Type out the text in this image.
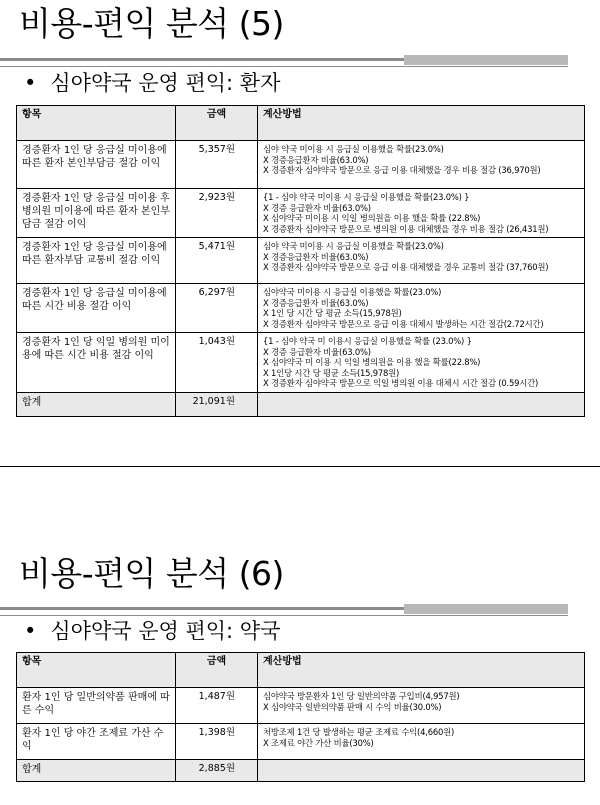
비용-편익 분석 (5)
• 심야약국 운영 편익: 환자
항목	금액	계산방법
경증환자 1인 당 응급실 미이용에 따른 환자 본인부담금 절감 이익	5,357원	심야 약국 미이용 시 응급실 이용했을 확률(23.0%)
X 경증응급환자 비율(63.0%)
X 경증환자 심야약국 방문으로 응급 이용 대체했을 경우 비용 절감 (36,970원)

경증환자 1인 당 응급실 미이용 후 병의원 미이용에 따른 환자 본인부담금 절감 이익	2,923원	{1 - 심야 약국 미이용 시 응급실 이용했을 확률(23.0%) }
X 경증 응급환자 비율(63.0%)
X 심야약국 미이용 시 익일 병의원을 이용 했을 확률 (22.8%)
X 경증환자 심야약국 방문으로 병의원 이용 대체했을 경우 비용 절감 (26,431원)

경증환자 1인 당 응급실 미이용에 따른 환자부담 교통비 절감 이익	5,471원	심야 약국 미이용 시 응급실 이용했을 확률(23.0%)
X 경증응급환자 비율(63.0%)
X 경증환자 심야약국 방문으로 응급 이용 대체했을 경우 교통비 절감 (37,760원)

경증환자 1인 당 응급실 미이용에 따른 시간 비용 절감 이익	6,297원	심야약국 미이용 시 응급실 이용했을 확률(23.0%)
X 경증응급환자 비율(63.0%)
X 1인 당 시간 당 평균 소득(15,978원)
X 경증환자 심야약국 방문으로 응급 이용 대체시 발생하는 시간 절감(2.72시간)

경증환자 1인 당 익일 병의원 미이용에 따른 시간 비용 절감 이익	1,043원	{1 - 심야 약국 미 이용시 응급실 이용했을 확률 (23.0%) }
X 경증 응급환자 비율(63.0%)
X 심야약국 미 이용 시 익일 병의원을 이용 했을 확률(22.8%)
X 1인당 시간 당 평균 소득(15,978원)
X 경증환자 심야약국 방문으로 익일 병의원 이용 대체시 시간 절감 (0.59시간)

합계	21,091원	
비용-편익 분석 (6)
• 심야약국 운영 편익: 약국
항목	금액	계산방법
환자 1인 당 일반의약품 판매에 따른 수익	1,487원	심야약국 방문환자 1인 당 일반의약품 구입비(4,957원)
X 심야약국 일반의약품 판매 시 수익 비율(30.0%)

환자 1인 당 야간 조제료 가산 수익	1,398원	처방조제 1건 당 발생하는 평균 조제료 수익(4,660원)
X 조제료 야간 가산 비율(30%)

합계	2,885원	
